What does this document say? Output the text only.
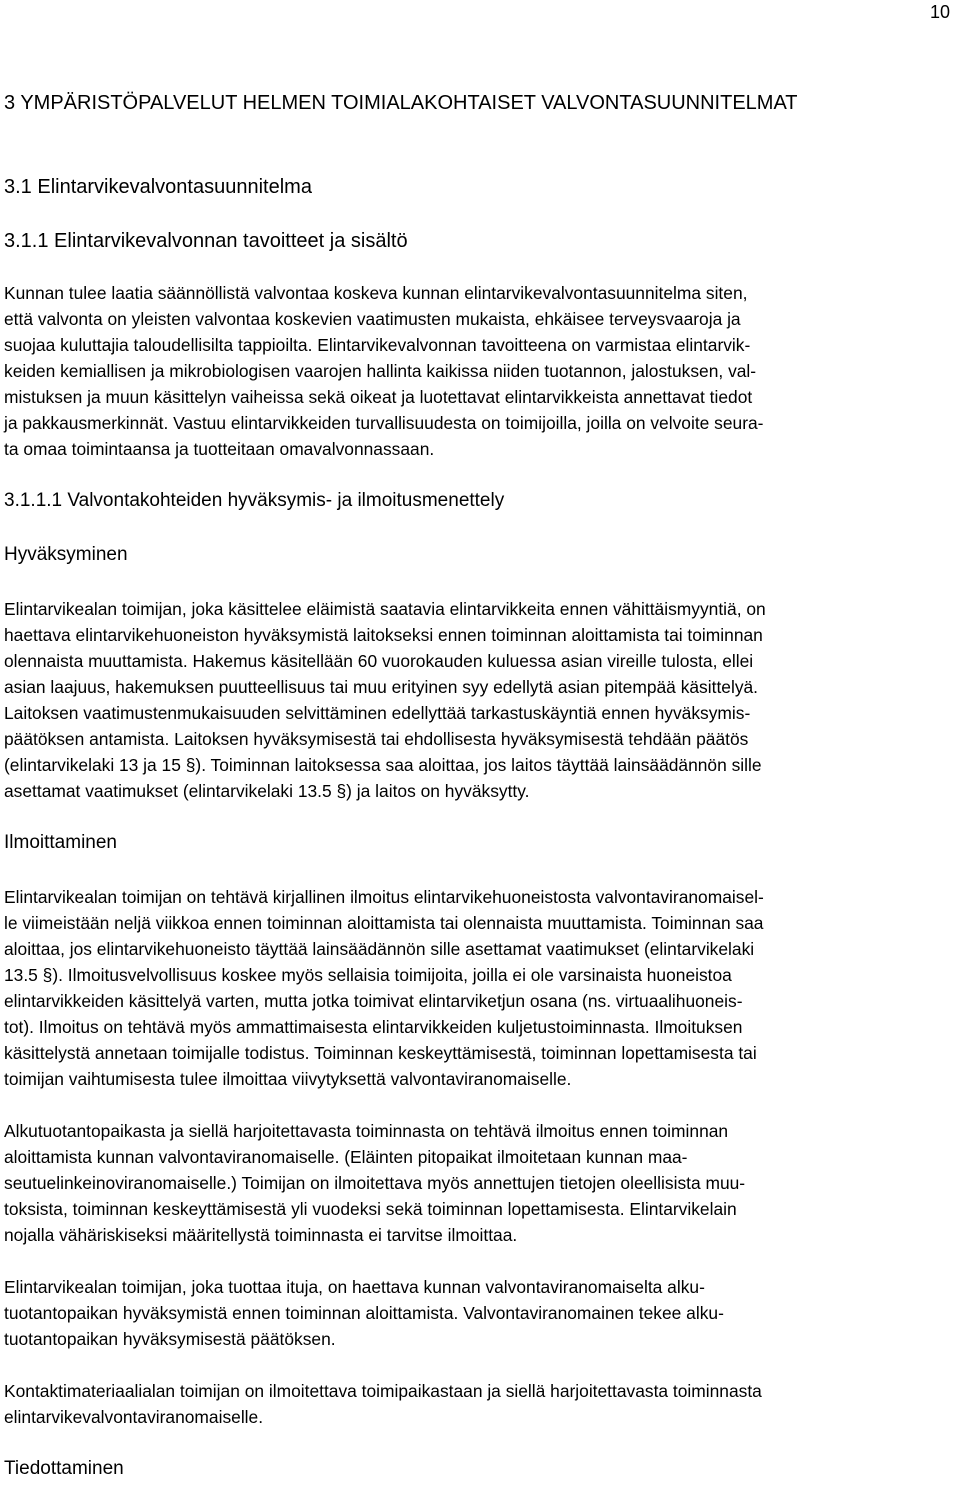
10
3 YMPÄRISTÖPALVELUT HELMEN TOIMIALAKOHTAISET VALVONTASUUNNITELMAT
3.1 Elintarvikevalvontasuunnitelma
3.1.1 Elintarvikevalvonnan tavoitteet ja sisältö
Kunnan tulee laatia säännöllistä valvontaa koskeva kunnan elintarvikevalvontasuunnitelma siten,
että valvonta on yleisten valvontaa koskevien vaatimusten mukaista, ehkäisee terveysvaaroja ja
suojaa kuluttajia taloudellisilta tappioilta. Elintarvikevalvonnan tavoitteena on varmistaa elintarvik-
keiden kemiallisen ja mikrobiologisen vaarojen hallinta kaikissa niiden tuotannon, jalostuksen, val-
mistuksen ja muun käsittelyn vaiheissa sekä oikeat ja luotettavat elintarvikkeista annettavat tiedot
ja pakkausmerkinnät. Vastuu elintarvikkeiden turvallisuudesta on toimijoilla, joilla on velvoite seura-
ta omaa toimintaansa ja tuotteitaan omavalvonnassaan.
3.1.1.1 Valvontakohteiden hyväksymis- ja ilmoitusmenettely
Hyväksyminen
Elintarvikealan toimijan, joka käsittelee eläimistä saatavia elintarvikkeita ennen vähittäismyyntiä, on
haettava elintarvikehuoneiston hyväksymistä laitokseksi ennen toiminnan aloittamista tai toiminnan
olennaista muuttamista. Hakemus käsitellään 60 vuorokauden kuluessa asian vireille tulosta, ellei
asian laajuus, hakemuksen puutteellisuus tai muu erityinen syy edellytä asian pitempää käsittelyä.
Laitoksen vaatimustenmukaisuuden selvittäminen edellyttää tarkastuskäyntiä ennen hyväksymis-
päätöksen antamista. Laitoksen hyväksymisestä tai ehdollisesta hyväksymisestä tehdään päätös
(elintarvikelaki 13 ja 15 §). Toiminnan laitoksessa saa aloittaa, jos laitos täyttää lainsäädännön sille
asettamat vaatimukset (elintarvikelaki 13.5 §) ja laitos on hyväksytty.
Ilmoittaminen
Elintarvikealan toimijan on tehtävä kirjallinen ilmoitus elintarvikehuoneistosta valvontaviranomaisel-
le viimeistään neljä viikkoa ennen toiminnan aloittamista tai olennaista muuttamista. Toiminnan saa
aloittaa, jos elintarvikehuoneisto täyttää lainsäädännön sille asettamat vaatimukset (elintarvikelaki
13.5 §). Ilmoitusvelvollisuus koskee myös sellaisia toimijoita, joilla ei ole varsinaista huoneistoa
elintarvikkeiden käsittelyä varten, mutta jotka toimivat elintarviketjun osana (ns. virtuaalihuoneis-
tot). Ilmoitus on tehtävä myös ammattimaisesta elintarvikkeiden kuljetustoiminnasta. Ilmoituksen
käsittelystä annetaan toimijalle todistus. Toiminnan keskeyttämisestä, toiminnan lopettamisesta tai
toimijan vaihtumisesta tulee ilmoittaa viivytyksettä valvontaviranomaiselle.
Alkutuotantopaikasta ja siellä harjoitettavasta toiminnasta on tehtävä ilmoitus ennen toiminnan
aloittamista kunnan valvontaviranomaiselle. (Eläinten pitopaikat ilmoitetaan kunnan maa-
seutuelinkeinoviranomaiselle.) Toimijan on ilmoitettava myös annettujen tietojen oleellisista muu-
toksista, toiminnan keskeyttämisestä yli vuodeksi sekä toiminnan lopettamisesta. Elintarvikelain
nojalla vähäriskiseksi määritellystä toiminnasta ei tarvitse ilmoittaa.
Elintarvikealan toimijan, joka tuottaa ituja, on haettava kunnan valvontaviranomaiselta alku-
tuotantopaikan hyväksymistä ennen toiminnan aloittamista. Valvontaviranomainen tekee alku-
tuotantopaikan hyväksymisestä päätöksen.
Kontaktimateriaalialan toimijan on ilmoitettava toimipaikastaan ja siellä harjoitettavasta toiminnasta
elintarvikevalvontaviranomaiselle.
Tiedottaminen
